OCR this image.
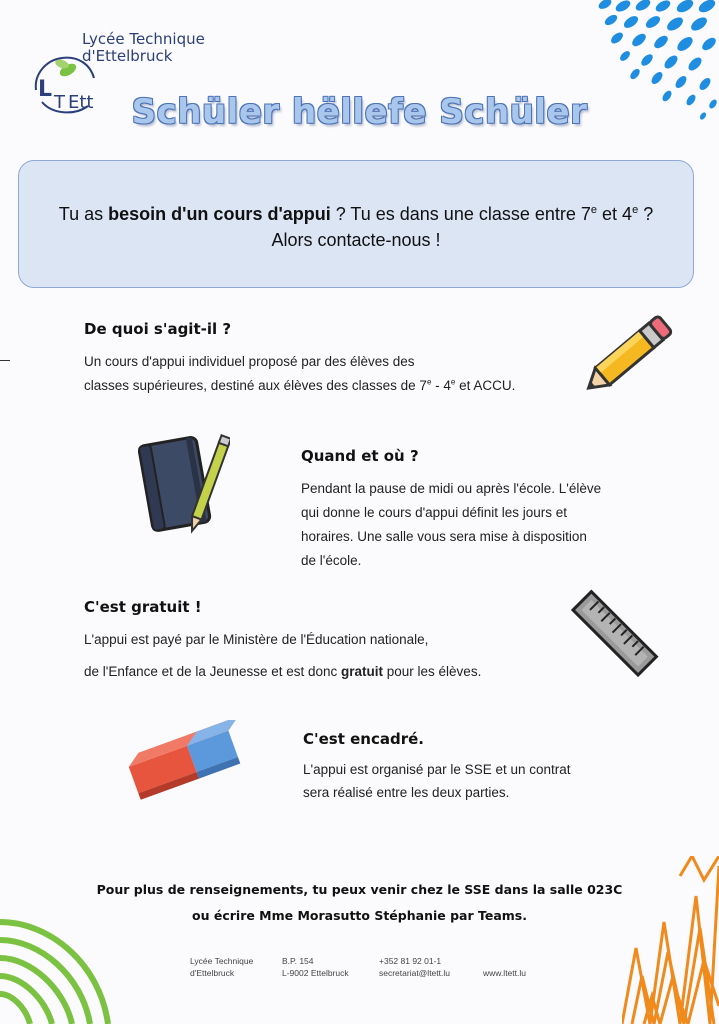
L
T Ett
Lycée Technique
d'Ettelbruck
Schüler hëllefe Schüler
Tu as besoin d'un cours d'appui ? Tu es dans une classe entre 7e et 4e ?
Alors contacte-nous !
De quoi s'agit-il ?
Un cours d'appui individuel proposé par des élèves des
classes supérieures, destiné aux élèves des classes de 7e - 4e et ACCU.
Quand et où ?
Pendant la pause de midi ou après l'école. L'élève
qui donne le cours d'appui définit les jours et
horaires. Une salle vous sera mise à disposition
de l'école.
C'est gratuit !
L'appui est payé par le Ministère de l'Éducation nationale,
de l'Enfance et de la Jeunesse et est donc gratuit pour les élèves.
C'est encadré.
L'appui est organisé par le SSE et un contrat
sera réalisé entre les deux parties.
Pour plus de renseignements, tu peux venir chez le SSE dans la salle 023C
ou écrire Mme Morasutto Stéphanie par Teams.
Lycée Technique
d'Ettelbruck
B.P. 154
L-9002 Ettelbruck
+352 81 92 01-1
secretariat@ltett.lu	www.ltett.lu
